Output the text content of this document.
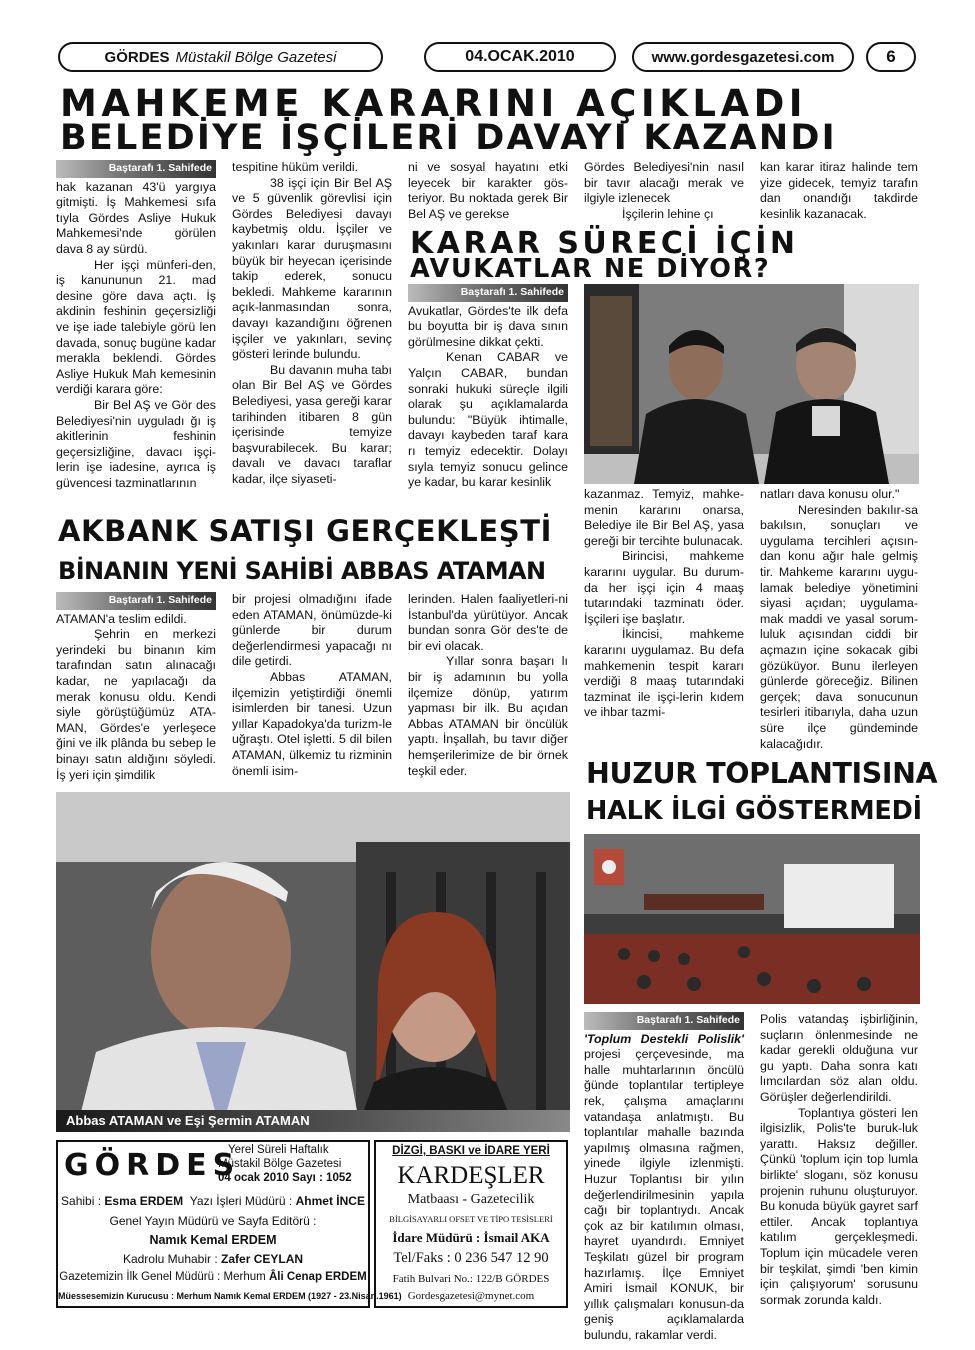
GÖRDES Müstakil Bölge Gazetesi	04.OCAK.2010	www.gordesgazetesi.com	6
MAHKEME KARARINI AÇIKLADI
BELEDİYE İŞÇİLERİ DAVAYI KAZANDI
Baştarafı 1. Sahifede

hak kazanan 43'ü yargıya gitmişti. İş Mahkemesi sıfa tıyla Gördes Asliye Hukuk Mahkemesi'nde görülen dava 8 ay sürdü.

Her işçi münferi-den, iş kanununun 21. mad desine göre dava açtı. İş akdinin feshinin geçersizliği ve işe iade talebiyle görü len davada, sonuç bugüne kadar merakla beklendi. Gördes Asliye Hukuk Mah kemesinin verdiği karara göre:

Bir Bel AŞ ve Gör des Belediyesi'nin uyguladı ğı iş akitlerinin feshinin geçersizliğine, davacı işçi-lerin işe iadesine, ayrıca iş güvencesi tazminatlarının

tespitine hüküm verildi.

38 işçi için Bir Bel AŞ ve 5 güvenlik görevlisi için Gördes Belediyesi davayı kaybetmiş oldu. İşçiler ve yakınları karar duruşmasını büyük bir heyecan içerisinde takip ederek, sonucu bekledi. Mahkeme kararının açık-lanmasından sonra, davayı kazandığını öğrenen işçiler ve yakınları, sevinç gösteri lerinde bulundu.

Bu davanın muha tabı olan Bir Bel AŞ ve Gördes Belediyesi, yasa gereği karar tarihinden itibaren 8 gün içerisinde temyize başvurabilecek. Bu karar; davalı ve davacı taraflar kadar, ilçe siyaseti-

ni ve sosyal hayatını etki leyecek bir karakter gös-teriyor. Bu noktada gerek Bir Bel AŞ ve gerekse

Gördes Belediyesi'nin nasıl bir tavır alacağı merak ve ilgiyle izlenecek

İşçilerin lehine çı

kan karar itiraz halinde tem yize gidecek, temyiz tarafın dan onandığı takdirde kesinlik kazanacak.

KARAR SÜRECİ İÇİN
AVUKATLAR NE DİYOR?
Baştarafı 1. Sahifede

Avukatlar, Gördes'te ilk defa bu boyutta bir iş dava sının görülmesine dikkat çekti.

Kenan CABAR ve Yalçın CABAR, bundan sonraki hukuki süreçle ilgili olarak şu açıklamalarda bulundu: "Büyük ihtimalle, davayı kaybeden taraf kara rı temyiz edecektir. Dolayı sıyla temyiz sonucu gelince ye kadar, bu karar kesinlik

kazanmaz. Temyiz, mahke-menin kararını onarsa, Belediye ile Bir Bel AŞ, yasa gereği bir tercihte bulunacak.

Birincisi, mahkeme kararını uygular. Bu durum-da her işçi için 4 maaş tutarındaki tazminatı öder. İşçileri işe başlatır.

İkincisi, mahkeme kararını uygulamaz. Bu defa mahkemenin tespit kararı verdiği 8 maaş tutarındaki tazminat ile işçi-lerin kıdem ve ihbar tazmi-

natları dava konusu olur."

Neresinden bakılır-sa bakılsın, sonuçları ve uygulama tercihleri açısın-dan konu ağır hale gelmiş tir. Mahkeme kararını uygu-lamak belediye yönetimini siyasi açıdan; uygulama-mak maddi ve yasal sorum-luluk açısından ciddi bir açmazın içine sokacak gibi gözüküyor. Bunu ilerleyen günlerde göreceğiz. Bilinen gerçek; dava sonucunun tesirleri itibarıyla, daha uzun süre ilçe gündeminde kalacağıdır.

AKBANK SATIŞI GERÇEKLEŞTİ
BİNANIN YENİ SAHİBİ ABBAS ATAMAN
Baştarafı 1. Sahifede

ATAMAN'a teslim edildi.

Şehrin en merkezi yerindeki bu binanın kim tarafından satın alınacağı kadar, ne yapılacağı da merak konusu oldu. Kendi siyle görüştüğümüz ATA-MAN, Gördes'e yerleşece ğini ve ilk plânda bu sebep le binayı satın aldığını söyledi. İş yeri için şimdilik

bir projesi olmadığını ifade eden ATAMAN, önümüzde-ki günlerde bir durum değerlendirmesi yapacağı nı dile getirdi.

Abbas ATAMAN, ilçemizin yetiştirdiği önemli isimlerden bir tanesi. Uzun yıllar Kapadokya'da turizm-le uğraştı. Otel işletti. 5 dil bilen ATAMAN, ülkemiz tu rizminin önemli isim-

lerinden. Halen faaliyetleri-ni İstanbul'da yürütüyor. Ancak bundan sonra Gör des'te de bir evi olacak.

Yıllar sonra başarı lı bir iş adamının bu yolla ilçemize dönüp, yatırım yapması bir ilk. Bu açıdan Abbas ATAMAN bir öncülük yaptı. İnşallah, bu tavır diğer hemşerilerimize de bir örnek teşkil eder.

Abbas ATAMAN ve Eşi Şermin ATAMAN
HUZUR TOPLANTISINA
HALK İLGİ GÖSTERMEDİ
Baştarafı 1. Sahifede

'Toplum Destekli Polislik' projesi çerçevesinde, ma halle muhtarlarının öncülü ğünde toplantılar tertipleye rek, çalışma amaçlarını vatandaşa anlatmıştı. Bu toplantılar mahalle bazında yapılmış olmasına rağmen, yinede ilgiyle izlenmişti. Huzur Toplantısı bir yılın değerlendirilmesinin yapıla cağı bir toplantıydı. Ancak çok az bir katılımın olması, hayret uyandırdı. Emniyet Teşkilatı güzel bir program hazırlamış. İlçe Emniyet Amiri İsmail KONUK, bir yıllık çalışmaları konusun-da geniş açıklamalarda bulundu, rakamlar verdi.

Polis vatandaş işbirliğinin, suçların önlenmesinde ne kadar gerekli olduğuna vur gu yaptı. Daha sonra katı lımcılardan söz alan oldu. Görüşler değerlendirildi.

Toplantıya gösteri len ilgisizlik, Polis'te buruk-luk yarattı. Haksız değiller. Çünkü 'toplum için top lumla birlikte' sloganı, söz konusu projenin ruhunu oluşturuyor. Bu konuda büyük gayret sarf ettiler. Ancak toplantıya katılım gerçekleşmedi. Toplum için mücadele veren bir teşkilat, şimdi 'ben kimin için çalışıyorum' sorusunu sormak zorunda kaldı.

GÖRDES
Yerel Süreli Haftalık
Müstakil Bölge Gazetesi
04 ocak 2010 Sayı : 1052
Sahibi : Esma ERDEM Yazı İşleri Müdürü : Ahmet İNCE
Genel Yayın Müdürü ve Sayfa Editörü :
Namık Kemal ERDEM
Kadrolu Muhabir : Zafer CEYLAN
Gazetemizin İlk Genel Müdürü : Merhum Âli Cenap ERDEM
Müessesemizin Kurucusu : Merhum Namık Kemal ERDEM (1927 - 23.Nisan.1961)
DİZGİ, BASKI ve İDARE YERİ
KARDEŞLER
Matbaası - Gazetecilik
BİLGİSAYARLI OFSET VE TİPO TESİSLERİ
İdare Müdürü : İsmail AKA
Tel/Faks : 0 236 547 12 90
Fatih Bulvari No.: 122/B GÖRDES
Gordesgazetesi@mynet.com
